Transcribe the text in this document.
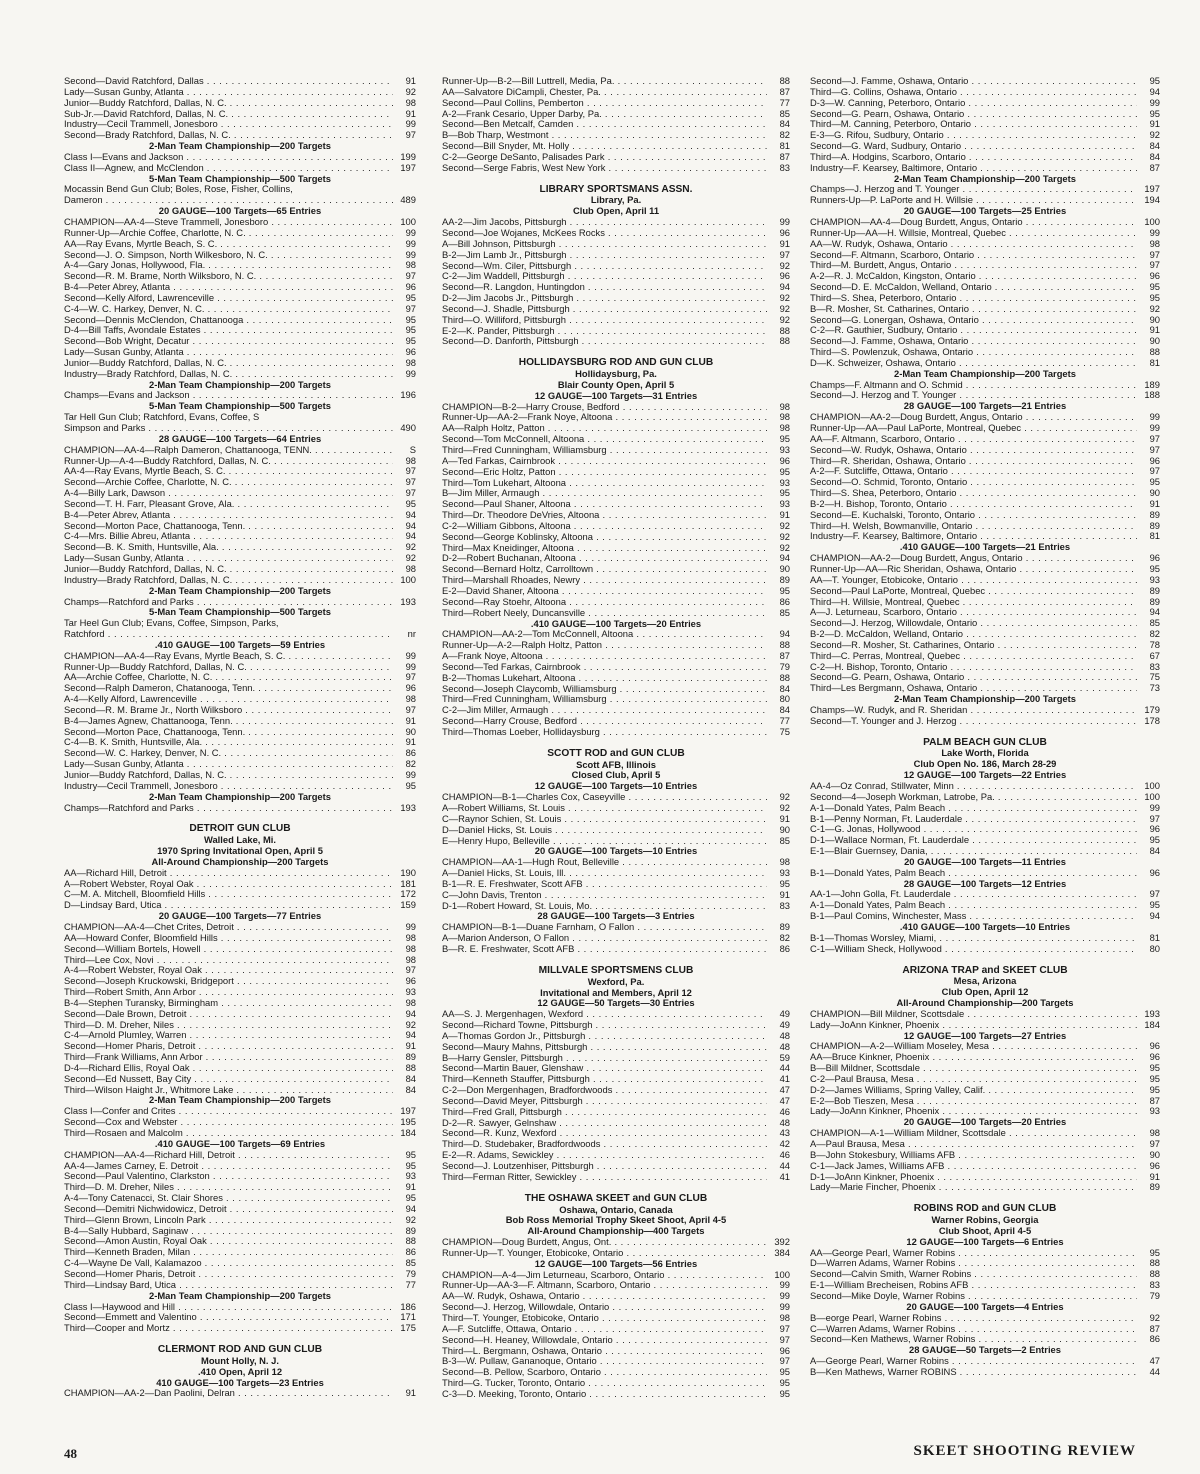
Second—David Ratchford, Dallas . . .	91
Lady—Susan Gunby, Atlanta . . .	92
Junior—Buddy Ratchford, Dallas, N. C. . . .	98
Sub-Jr.—David Ratchford, Dallas, N. C. . . .	91
Industry—Cecil Trammell, Jonesboro . . .	99
Second—Brady Ratchford, Dallas, N. C. . . .	97
2-Man Team Championship—200 Targets
Class I—Evans and Jackson . . .	199
Class II—Agnew, and McClendon . . .	197
5-Man Team Championship—500 Targets
Mocassin Bend Gun Club; Boles, Rose, Fisher, Collins,
Dameron . . .	489
20 GAUGE—100 Targets—65 Entries
CHAMPION—AA-4—Steve Trammell, Jonesboro . . .	100
Runner-Up—Archie Coffee, Charlotte, N. C. . . .	99
AA—Ray Evans, Myrtle Beach, S. C. . . .	99
Second—J. O. Simpson, North Wilkesboro, N. C. . . .	99
A-4—Gary Jonas, Hollywood, Fla. . . .	98
Second—R. M. Brame, North Wilksboro, N. C. . . .	97
B-4—Peter Abrey, Atlanta . . .	96
Second—Kelly Alford, Lawrenceville . . .	95
C-4—W. C. Harkey, Denver, N. C. . . .	97
Second—Dennis McClendon, Chattanooga . . .	95
D-4—Bill Taffs, Avondale Estates . . .	95
Second—Bob Wright, Decatur . . .	95
Lady—Susan Gunby, Atlanta . . .	96
Junior—Buddy Ratchford, Dallas, N. C. . . .	98
Industry—Brady Ratchford, Dallas, N. C. . . .	99
2-Man Team Championship—200 Targets
Champs—Evans and Jackson . . .	196
5-Man Team Championship—500 Targets
Tar Hell Gun Club; Ratchford, Evans, Coffee, S
Simpson and Parks . . .	490
28 GAUGE—100 Targets—64 Entries
CHAMPION—AA-4—Ralph Dameron, Chattanooga, TENN. . . .	S
Runner-Up—A-4—Buddy Ratchford, Dallas, N. C. . . .	98
AA-4—Ray Evans, Myrtle Beach, S. C. . . .	97
Second—Archie Coffee, Charlotte, N. C. . . .	97
A-4—Billy Lark, Dawson . . .	97
Second—T. H. Farr, Pleasant Grove, Ala. . . .	95
B-4—Peter Abrev, Atlanta . . .	94
Second—Morton Pace, Chattanooga, Tenn. . . .	94
C-4—Mrs. Billie Abreu, Atlanta . . .	94
Second—B. K. Smith, Huntsville, Ala. . . .	92
Lady—Susan Gunby, Atlanta . . .	92
Junior—Buddy Ratchford, Dallas, N. C. . . .	98
Industry—Brady Ratchford, Dallas, N. C. . . .	100
2-Man Team Championship—200 Targets
Champs—Ratchford and Parks . . .	193
5-Man Team Championship—500 Targets
Tar Heel Gun Club; Evans, Coffee, Simpson, Parks,
Ratchford . . .	nr
.410 GAUGE—100 Targets—59 Entries
CHAMPION—AA-4—Ray Evans, Myrtle Beach, S. C. . . .	99
Runner-Up—Buddy Ratchford, Dallas, N. C. . . .	99
AA—Archie Coffee, Charlotte, N. C. . . .	97
Second—Ralph Dameron, Chatanooga, Tenn. . . .	96
A-4—Kelly Alford, Lawrenceville . . .	98
Second—R. M. Brame Jr., North Wilksboro . . .	97
B-4—James Agnew, Chattanooga, Tenn. . . .	91
Second—Morton Pace, Chattanooga, Tenn. . . .	90
C-4—B. K. Smith, Huntsville, Ala. . . .	91
Second—W. C. Harkey, Denver, N. C. . . .	86
Lady—Susan Gunby, Atlanta . . .	82
Junior—Buddy Ratchford, Dallas, N. C. . . .	99
Industry—Cecil Trammell, Jonesboro . . .	95
2-Man Team Championship—200 Targets
Champs—Ratchford and Parks . . .	193
DETROIT GUN CLUB
Walled Lake, Mi.
1970 Spring Invitational Open, April 5
All-Around Championship—200 Targets
AA—Richard Hill, Detroit . . .	190
A—Robert Webster, Royal Oak . . .	181
C—M. A. Mitchell, Bloomfield Hills . . .	172
D—Lindsay Bard, Utica . . .	159
20 GAUGE—100 Targets—77 Entries
CHAMPION—AA-4—Chet Crites, Detroit . . .	99
AA—Howard Confer, Bloomfield Hills . . .	98
Second—William Bortels, Howell . . .	98
Third—Lee Cox, Novi . . .	98
A-4—Robert Webster, Royal Oak . . .	97
Second—Joseph Kruckowski, Bridgeport . . .	96
Third—Robert Smith, Ann Arbor . . .	93
B-4—Stephen Turansky, Birmingham . . .	98
Second—Dale Brown, Detroit . . .	94
Third—D. M. Dreher, Niles . . .	92
C-4—Arnold Plumley, Warren . . .	94
Second—Homer Pharis, Detroit . . .	91
Third—Frank Williams, Ann Arbor . . .	89
D-4—Richard Ellis, Royal Oak . . .	88
Second—Ed Nussett, Bay City . . .	84
Third—Wilson Haight Jr., Whitmore Lake . . .	84
2-Man Team Championship—200 Targets
Class I—Confer and Crites . . .	197
Second—Cox and Webster . . .	195
Third—Rosaen and Malcolm . . .	184
.410 GAUGE—100 Targets—69 Entries
CHAMPION—AA-4—Richard Hill, Detroit . . .	95
AA-4—James Carney, E. Detroit . . .	95
Second—Paul Valentino, Clarkston . . .	93
Third—D. M. Dreher, Niles . . .	91
A-4—Tony Catenacci, St. Clair Shores . . .	95
Second—Demitri Nichwidowicz, Detroit . . .	94
Third—Glenn Brown, Lincoln Park . . .	92
B-4—Sally Hubbard, Saginaw . . .	89
Second—Amon Austin, Royal Oak . . .	88
Third—Kenneth Braden, Milan . . .	86
C-4—Wayne De Vall, Kalamazoo . . .	85
Second—Homer Pharis, Detroit . . .	79
Third—Lindsay Bard, Utica . . .	77
2-Man Team Championship—200 Targets
Class I—Haywood and Hill . . .	186
Second—Emmett and Valentino . . .	171
Third—Cooper and Mortz . . .	175
CLERMONT ROD AND GUN CLUB
Mount Holly, N. J.
.410 Open, April 12
410 GAUGE—100 Targets—23 Entries
CHAMPION—AA-2—Dan Paolini, Delran . . .	91
Runner-Up—B-2—Bill Luttrell, Media, Pa. . . .	88
AA—Salvatore DiCampli, Chester, Pa. . . .	87
Second—Paul Collins, Pemberton . . .	77
A-2—Frank Cesario, Upper Darby, Pa. . . .	85
Second—Ben Metcalf, Camden . . .	84
B—Bob Tharp, Westmont . . .	82
Second—Bill Snyder, Mt. Holly . . .	81
C-2—George DeSanto, Palisades Park . . .	87
Second—Serge Fabris, West New York . . .	83
LIBRARY SPORTSMANS ASSN.
Library, Pa.
Club Open, April 11
AA-2—Jim Jacobs, Pittsburgh . . .	99
Second—Joe Wojanes, McKees Rocks . . .	96
A—Bill Johnson, Pittsburgh . . .	91
B-2—Jim Lamb Jr., Pittsburgh . . .	97
Second—Wm. Ciler, Pittsburgh . . .	92
C-2—Jim Waddell, Pittsburgh . . .	96
Second—R. Langdon, Huntingdon . . .	94
D-2—Jim Jacobs Jr., Pittsburgh . . .	92
Second—J. Shadle, Pittsburgh . . .	92
Third—O. Williford, Pittsburgh . . .	92
E-2—K. Pander, Pittsburgh . . .	88
Second—D. Danforth, Pittsburgh . . .	88
HOLLIDAYSBURG ROD AND GUN CLUB
Hollidaysburg, Pa.
Blair County Open, April 5
12 GAUGE—100 Targets—31 Entries
CHAMPION—B-2—Harry Crouse, Bedford . . .	98
Runner-Up—AA-2—Frank Noye, Altoona . . .	98
AA—Ralph Holtz, Patton . . .	98
Second—Tom McConnell, Altoona . . .	95
Third—Fred Cunningham, Williamsburg . . .	93
A—Ted Farkas, Cairnbrook . . .	96
Second—Eric Holtz, Patton . . .	95
Third—Tom Lukehart, Altoona . . .	93
B—Jim Miller, Armaugh . . .	95
Second—Paul Shaner, Altoona . . .	93
Third—Dr. Theodore DeVries, Altoona . . .	91
C-2—William Gibbons, Altoona . . .	92
Second—George Koblinsky, Altoona . . .	92
Third—Max Kneidinger, Altoona . . .	92
D-2—Robert Buchanan, Altoona . . .	94
Second—Bernard Holtz, Carrolltown . . .	90
Third—Marshall Rhoades, Newry . . .	89
E-2—David Shaner, Altoona . . .	95
Second—Ray Stoehr, Altoona . . .	86
Third—Robert Neely, Duncansville . . .	85
.410 GAUGE—100 Targets—20 Entries
CHAMPION—AA-2—Tom McConnell, Altoona . . .	94
Runner-Up—A-2—Ralph Holtz, Patton . . .	88
A—Frank Noye, Altoona . . .	87
Second—Ted Farkas, Cairnbrook . . .	79
B-2—Thomas Lukehart, Altoona . . .	88
Second—Joseph Claycomb, Williamsburg . . .	84
Third—Fred Cunningham, Williamsburg . . .	80
C-2—Jim Miller, Armaugh . . .	84
Second—Harry Crouse, Bedford . . .	77
Third—Thomas Loeber, Hollidaysburg . . .	75
SCOTT ROD and GUN CLUB
Scott AFB, Illinois
Closed Club, April 5
12 GAUGE—100 Targets—10 Entries
CHAMPION—B-1—Charles Cox, Caseyville . . .	92
A—Robert Williams, St. Louis . . .	92
C—Raynor Schien, St. Louis . . .	91
D—Daniel Hicks, St. Louis . . .	90
E—Henry Hupo, Belleville . . .	85
20 GAUGE—100 Targets—10 Entries
CHAMPION—AA-1—Hugh Rout, Belleville . . .	98
A—Daniel Hicks, St. Louis, Ill. . . .	93
B-1—R. E. Freshwater, Scott AFB . . .	95
C—John Davis, Trenton . . .	91
D-1—Robert Howard, St. Louis, Mo. . . .	83
28 GAUGE—100 Targets—3 Entries
CHAMPION—B-1—Duane Farnham, O Fallon . . .	89
A—Marion Anderson, O Fallon . . .	82
B—R. E. Freshwater, Scott AFB . . .	86
MILLVALE SPORTSMENS CLUB
Wexford, Pa.
Invitational and Members, April 12
12 GAUGE—50 Targets—30 Entries
AA—S. J. Mergenhagen, Wexford . . .	49
Second—Richard Towne, Pittsburgh . . .	49
A—Thomas Gordon Jr., Pittsburgh . . .	48
Second—Maury Mahns, Pittsburgh . . .	48
B—Harry Gensler, Pittsburgh . . .	59
Second—Martin Bauer, Glenshaw . . .	44
Third—Kenneth Stauffer, Pittsburgh . . .	41
C-2—Don Mergenhagen, Bradfordwoods . . .	47
Second—David Meyer, Pittsburgh . . .	47
Third—Fred Grall, Pittsburgh . . .	46
D-2—R. Sawyer, Gelnshaw . . .	48
Second—R. Kunz, Wexford . . .	43
Third—D. Studebaker, Bradfordwoods . . .	42
E-2—R. Adams, Sewickley . . .	46
Second—J. Loutzenhiser, Pittsburgh . . .	44
Third—Ferman Ritter, Sewickley . . .	41
THE OSHAWA SKEET and GUN CLUB
Oshawa, Ontario, Canada
Bob Ross Memorial Trophy Skeet Shoot, April 4-5
All-Around Championship—400 Targets
CHAMPION—Doug Burdett, Angus, Ont. . . .	392
Runner-Up—T. Younger, Etobicoke, Ontario . . .	384
12 GAUGE—100 Targets—56 Entries
CHAMPION—A-4—Jim Leturneau, Scarboro, Ontario . . .	100
Runner-Up—AA-3—F. Altmann, Scarboro, Ontario . . .	99
AA—W. Rudyk, Oshawa, Ontario . . .	99
Second—J. Herzog, Willowdale, Ontario . . .	99
Third—T. Younger, Etobicoke, Ontario . . .	98
A—F. Sutcliffe, Ottawa, Ontario . . .	97
Second—H. Heaney, Willowdale, Ontario . . .	97
Third—L. Bergmann, Oshawa, Ontario . . .	96
B-3—W. Pullaw, Gananoque, Ontario . . .	97
Second—B. Pellow, Scarboro, Ontario . . .	95
Third—G. Tucker, Toronto, Ontario . . .	95
C-3—D. Meeking, Toronto, Ontario . . .	95
Second—J. Famme, Oshawa, Ontario . . .	95
Third—G. Collins, Oshawa, Ontario . . .	94
D-3—W. Canning, Peterboro, Ontario . . .	99
Second—G. Pearn, Oshawa, Ontario . . .	95
Third—M. Canning, Peterboro, Ontario . . .	91
E-3—G. Rifou, Sudbury, Ontario . . .	92
Second—G. Ward, Sudbury, Ontario . . .	84
Third—A. Hodgins, Scarboro, Ontario . . .	84
Industry—F. Kearsey, Baltimore, Ontario . . .	87
2-Man Team Championship—200 Targets
Champs—J. Herzog and T. Younger . . .	197
Runners-Up—P. LaPorte and H. Willsie . . .	194
20 GAUGE—100 Targets—25 Entries
CHAMPION—AA-4—Doug Burdett, Angus, Ontario . . .	100
Runner-Up—AA—H. Willsie, Montreal, Quebec . . .	99
AA—W. Rudyk, Oshawa, Ontario . . .	98
Second—F. Altmann, Scarboro, Ontario . . .	97
Third—M. Burdett, Angus, Ontario . . .	97
A-2—R. J. McCaldon, Kingston, Ontario . . .	96
Second—D. E. McCaldon, Welland, Ontario . . .	95
Third—S. Shea, Peterboro, Ontario . . .	95
B—R. Mosher, St. Catharines, Ontario . . .	92
Second—G. Lonergan, Oshawa, Ontario . . .	90
C-2—R. Gauthier, Sudbury, Ontario . . .	91
Second—J. Famme, Oshawa, Ontario . . .	90
Third—S. Powlenzuk, Oshawa, Ontario . . .	88
D—K. Schweizer, Oshawa, Ontario . . .	81
2-Man Team Championship—200 Targets
Champs—F. Altmann and O. Schmid . . .	189
Second—J. Herzog and T. Younger . . .	188
28 GAUGE—100 Targets—21 Entries
CHAMPION—AA-2—Doug Burdett, Angus, Ontario . . .	99
Runner-Up—AA—Paul LaPorte, Montreal, Quebec . . .	99
AA—F. Altmann, Scarboro, Ontario . . .	97
Second—W. Rudyk, Oshawa, Ontario . . .	97
Third—R. Sheridan, Oshawa, Ontario . . .	96
A-2—F. Sutcliffe, Ottawa, Ontario . . .	97
Second—O. Schmid, Toronto, Ontario . . .	95
Third—S. Shea, Peterboro, Ontario . . .	90
B-2—H. Bishop, Toronto, Ontario . . .	91
Second—E. Kuchalski, Toronto, Ontario . . .	89
Third—H. Welsh, Bowmanville, Ontario . . .	89
Industry—F. Kearsey, Baltimore, Ontario . . .	81
.410 GAUGE—100 Targets—21 Entries
CHAMPION—AA-2—Doug Burdett, Angus, Ontario . . .	96
Runner-Up—AA—Ric Sheridan, Oshawa, Ontario . . .	95
AA—T. Younger, Etobicoke, Ontario . . .	93
Second—Paul LaPorte, Montreal, Quebec . . .	89
Third—H. Willsie, Montreal, Quebec . . .	89
A—J. Leturneau, Scarboro, Ontario . . .	94
Second—J. Herzog, Willowdale, Ontario . . .	85
B-2—D. McCaldon, Welland, Ontario . . .	82
Second—R. Mosher, St. Catharines, Ontario . . .	78
Third—C. Perras, Montreal, Quebec . . .	67
C-2—H. Bishop, Toronto, Ontario . . .	83
Second—G. Pearn, Oshawa, Ontario . . .	75
Third—Les Bergmann, Oshawa, Ontario . . .	73
2-Man Team Championship—200 Targets
Champs—W. Rudyk, and R. Sheridan . . .	179
Second—T. Younger and J. Herzog . . .	178
PALM BEACH GUN CLUB
Lake Worth, Florida
Club Open No. 186, March 28-29
12 GAUGE—100 Targets—22 Entries
AA-4—Oz Conrad, Stillwater, Minn . . .	100
Second—4—Joseph Workman, Latrobe, Pa. . . .	100
A-1—Donald Yates, Palm Beach . . .	99
B-1—Penny Norman, Ft. Lauderdale . . .	97
C-1—G. Jonas, Hollywood . . .	96
D-1—Wallace Norman, Ft. Lauderdale . . .	95
E-1—Blair Guernsey, Dania, . . .	84
20 GAUGE—100 Targets—11 Entries
B-1—Donald Yates, Palm Beach . . .	96
28 GAUGE—100 Targets—12 Entries
AA-1—John Golla, Ft. Lauderdale . . .	97
A-1—Donald Yates, Palm Beach . . .	95
B-1—Paul Comins, Winchester, Mass . . .	94
.410 GAUGE—100 Targets—10 Entries
B-1—Thomas Worsley, Miami, . . .	81
C-1—William Sheck, Hollywood . . .	80
ARIZONA TRAP and SKEET CLUB
Mesa, Arizona
Club Open, April 12
All-Around Championship—200 Targets
CHAMPION—Bill Mildner, Scottsdale . . .	193
Lady—JoAnn Kinkner, Phoenix . . .	184
12 GAUGE—100 Targets—27 Entries
CHAMPION—A-2—William Moseley, Mesa . . .	96
AA—Bruce Kinkner, Phoenix . . .	96
B—Bill Mildner, Scottsdale . . .	95
C-2—Paul Brausa, Mesa . . .	95
D-2—James Williams, Spring Valley, Calif. . . .	95
E-2—Bob Tieszen, Mesa . . .	87
Lady—JoAnn Kinkner, Phoenix . . .	93
20 GAUGE—100 Targets—20 Entries
CHAMPION—A-1—William Mildner, Scottsdale . . .	98
A—Paul Brausa, Mesa . . .	97
B—John Stokesbury, Williams AFB . . .	90
C-1—Jack James, Williams AFB . . .	96
D-1—JoAnn Kinkner, Phoenix . . .	91
Lady—Marie Fincher, Phoenix . . .	89
ROBINS ROD and GUN CLUB
Warner Robins, Georgia
Club Shoot, April 4-5
12 GAUGE—100 Targets—6 Entries
AA—George Pearl, Warner Robins . . .	95
D—Warren Adams, Warner Robins . . .	88
Second—Calvin Smith, Warner Robins . . .	88
E-1—William Brecheisen, Robins AFB . . .	83
Second—Mike Doyle, Warner Robins . . .	79
20 GAUGE—100 Targets—4 Entries
B—eorge Pearl, Warner Robins . . .	92
C—Warren Adams, Warner Robins . . .	87
Second—Ken Mathews, Warner Robins . . .	86
28 GAUGE—50 Targets—2 Entries
A—George Pearl, Warner Robins . . .	47
B—Ken Mathews, Warner ROBINS . . .	44
48	SKEET SHOOTING REVIEW
